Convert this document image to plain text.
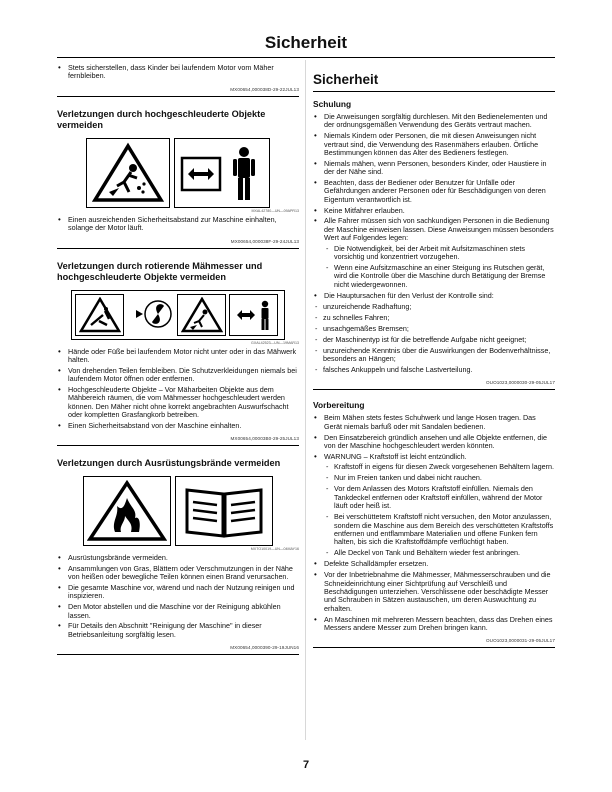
Sicherheit
• Stets sicherstellen, dass Kinder bei laufendem Motor vom Mäher fernbleiben.
MX00654,000038D-29-22JUL13
Verletzungen durch hochgeschleuderte Objekte vermeiden
MXAL42780—UN—09APR13
• Einen ausreichenden Sicherheitsabstand zur Maschine einhalten, solange der Motor läuft.
MX00654,000038F-29-24JUL13
Verletzungen durch rotierende Mähmesser und hochgeschleuderte Objekte vermeiden
GXAL42523—UN—19MAR13
• Hände oder Füße bei laufendem Motor nicht unter oder in das Mähwerk halten.
• Von drehenden Teilen fernbleiben. Die Schutzverkleidungen niemals bei laufendem Motor öffnen oder entfernen.
• Hochgeschleuderte Objekte – Vor Mäharbeiten Objekte aus dem Mähbereich räumen, die vom Mähmesser hochgeschleudert werden können. Den Mäher nicht ohne korrekt angebrachten Auswurfschacht oder kompletten Grasfangkorb betreiben.
• Einen Sicherheitsabstand von der Maschine einhalten.
MX00654,00003B0-29-25JUL13
Verletzungen durch Ausrüstungsbrände vermeiden
MXTO10019—UN—04MAY16
• Ausrüstungsbrände vermeiden.
• Ansammlungen von Gras, Blättern oder Verschmutzungen in der Nähe von heißen oder bewegliche Teilen können einen Brand verursachen.
• Die gesamte Maschine vor, wärend und nach der Nutzung reinigen und inspizieren.
• Den Motor abstellen und die Maschine vor der Reinigung abkühlen lassen.
• Für Details den Abschnitt "Reinigung der Maschine" in dieser Betriebsanleitung sorgfältig lesen.
MX00654,0000390-29-19JUN16
Sicherheit
Schulung
• Die Anweisungen sorgfältig durchlesen. Mit den Bedienelementen und der ordnungsgemäßen Verwendung des Geräts vertraut machen.
• Niemals Kindern oder Personen, die mit diesen Anweisungen nicht vertraut sind, die Verwendung des Rasenmähers erlauben. Örtliche Bestimmungen können das Alter des Bedieners festlegen.
• Niemals mähen, wenn Personen, besonders Kinder, oder Haustiere in der der Nähe sind.
• Beachten, dass der Bediener oder Benutzer für Unfälle oder Gefährdungen anderer Personen oder für Beschädigungen von deren Eigentum verantwortlich ist.
• Keine Mitfahrer erlauben.
• Alle Fahrer müssen sich von sachkundigen Personen in die Bedienung der Maschine einweisen lassen. Diese Anweisungen müssen besonders Wert auf Folgendes legen:
- Die Notwendigkeit, bei der Arbeit mit Aufsitzmaschinen stets vorsichtig und konzentriert vorzugehen.
- Wenn eine Aufsitzmaschine an einer Steigung ins Rutschen gerät, wird die Kontrolle über die Maschine durch Betätigung der Bremse nicht wiedergewonnen.
• Die Hauptursachen für den Verlust der Kontrolle sind:
- unzureichende Radhaftung;
- zu schnelles Fahren;
- unsachgemäßes Bremsen;
- der Maschinentyp ist für die betreffende Aufgabe nicht geeignet;
- unzureichende Kenntnis über die Auswirkungen der Bodenverhältnisse, besonders an Hängen;
- falsches Ankuppeln und falsche Lastverteilung.
OUO1023,0000030-29-05JUL17
Vorbereitung
• Beim Mähen stets festes Schuhwerk und lange Hosen tragen. Das Gerät niemals barfuß oder mit Sandalen bedienen.
• Den Einsatzbereich gründlich ansehen und alle Objekte entfernen, die von der Maschine hochgeschleudert werden könnten.
• WARNUNG – Kraftstoff ist leicht entzündlich.
- Kraftstoff in eigens für diesen Zweck vorgesehenen Behältern lagern.
- Nur im Freien tanken und dabei nicht rauchen.
- Vor dem Anlassen des Motors Kraftstoff einfüllen. Niemals den Tankdeckel entfernen oder Kraftstoff einfüllen, während der Motor läuft oder heiß ist.
- Bei verschüttetem Kraftstoff nicht versuchen, den Motor anzulassen, sondern die Maschine aus dem Bereich des verschütteten Kraftstoffs entfernen und entflammbare Materialien und offene Funken fern halten, bis sich die Kraftstoffdämpfe verflüchtigt haben.
- Alle Deckel von Tank und Behältern wieder fest anbringen.
• Defekte Schalldämpfer ersetzen.
• Vor der Inbetriebnahme die Mähmesser, Mähmesserschrauben und die Schneideinrichtung einer Sichtprüfung auf Verschleiß und Beschädigungen unterziehen. Verschlissene oder beschädigte Messer und Schrauben in Sätzen austauschen, um deren Auswuchtung zu erhalten.
• An Maschinen mit mehreren Messern beachten, dass das Drehen eines Messers andere Messer zum Drehen bringen kann.
OUO1023,0000031-29-05JUL17
7
